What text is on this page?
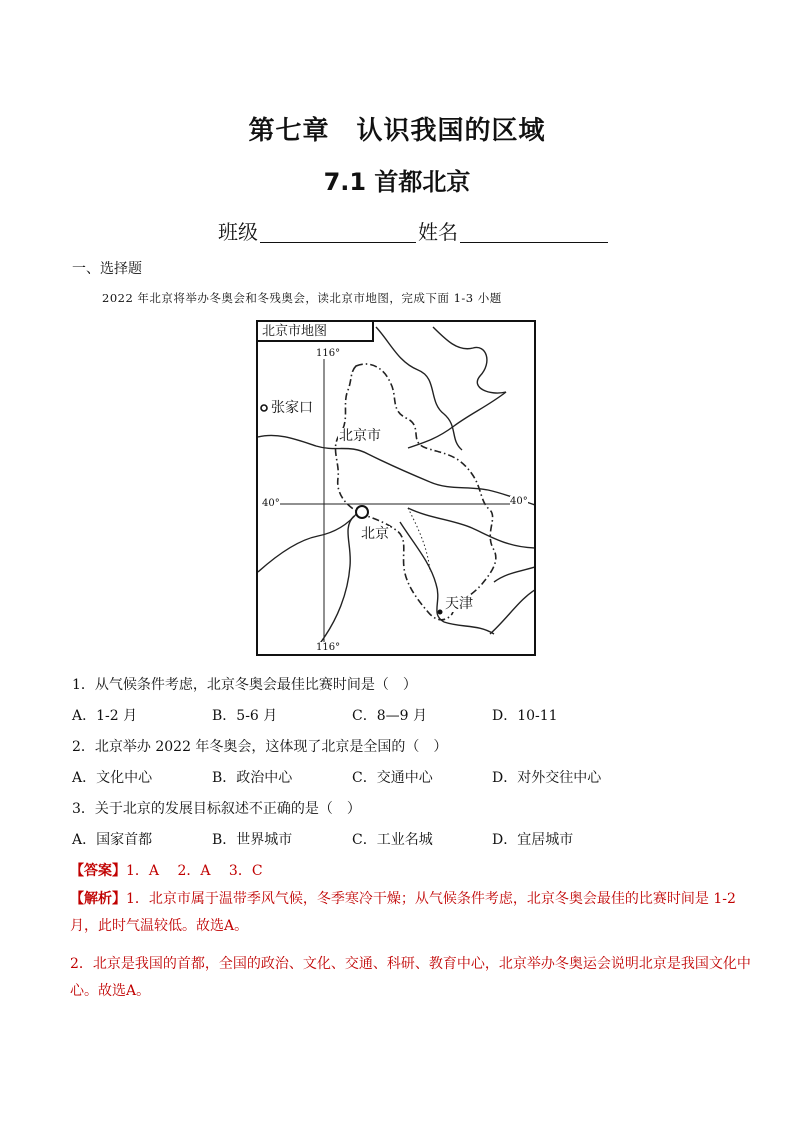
第七章　认识我国的区域
7.1 首都北京
班级	姓名
一、选择题
2022 年北京将举办冬奥会和冬残奥会，读北京市地图，完成下面 1-3 小题
北京市地图
116°
116°
40°	40°
张家口
北京市
北京
天津
1．从气候条件考虑，北京冬奥会最佳比赛时间是（　）
A．1-2 月	B．5-6 月	C．8—9 月	D．10-11
2．北京举办 2022 年冬奥会，这体现了北京是全国的（　）
A．文化中心	B．政治中心	C．交通中心	D．对外交往中心
3．关于北京的发展目标叙述不正确的是（　）
A．国家首都	B．世界城市	C．工业名城	D．宜居城市
【答案】1．A　 2．A　 3．C
【解析】1．北京市属于温带季风气候，冬季寒冷干燥；从气候条件考虑，北京冬奥会最佳的比赛时间是 1-2 月，此时气温较低。故选A。
2．北京是我国的首都，全国的政治、文化、交通、科研、教育中心，北京举办冬奥运会说明北京是我国文化中心。故选A。
